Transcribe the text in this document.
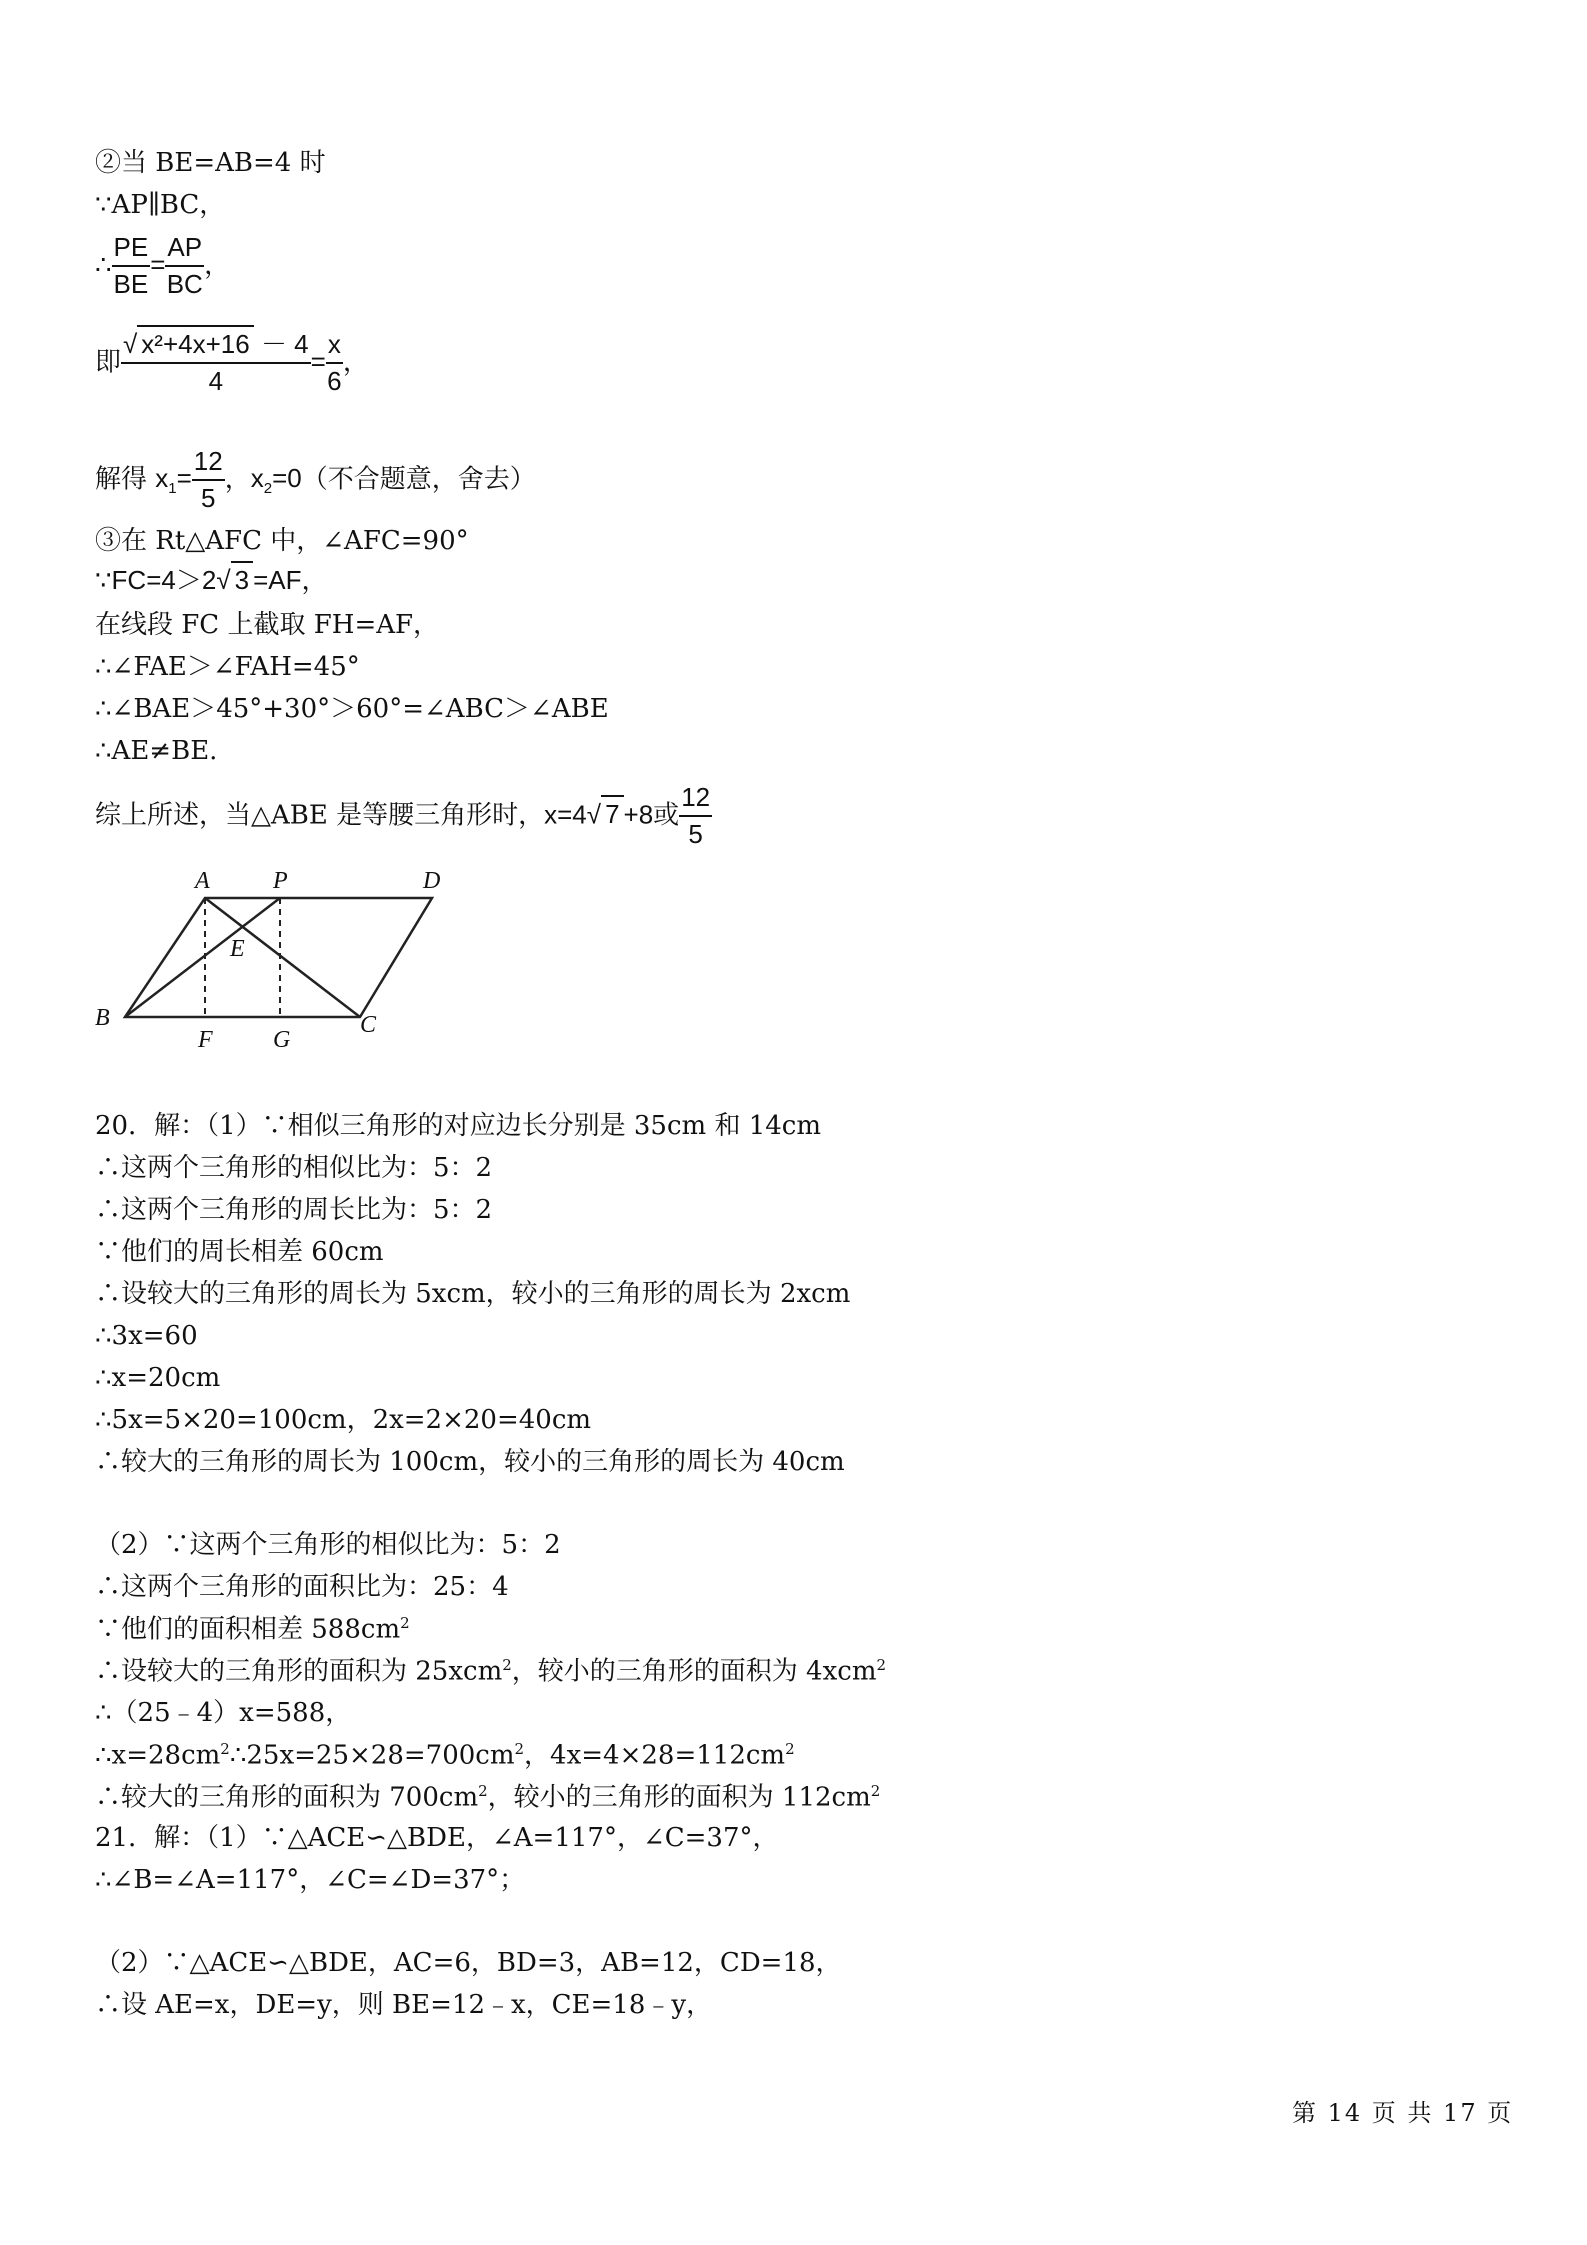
②当 BE=AB=4 时
∵AP∥BC，
∴ $\frac{PE}{BE} = \frac{AP}{BC}$ ，
即 $\frac{\text{√ x²+4x+16 － 4}}{4} = \frac{x}{6}$ ，
解得 $x_1= \frac{12}{5}$ ，$x_2=0$（不合题意，舍去）
③在 Rt△AFC 中，∠AFC=90°
∵FC=4＞2√ 3 =AF，
在线段 FC 上截取 FH=AF，
∴∠FAE＞∠FAH=45°
∴∠BAE＞45°+30°＞60°=∠ABC＞∠ABE
∴AE≠BE.
综上所述，当△ABE 是等腰三角形时，x=4√ 7 +8或 $\frac{12}{5}$
A	P	D
E
B
F	G
C
20．解：（1）∵相似三角形的对应边长分别是 35cm 和 14cm
∴这两个三角形的相似比为：5：2
∴这两个三角形的周长比为：5：2
∵他们的周长相差 60cm
∴设较大的三角形的周长为 5xcm，较小的三角形的周长为 2xcm
∴3x=60
∴x=20cm
∴5x=5×20=100cm，2x=2×20=40cm
∴较大的三角形的周长为 100cm，较小的三角形的周长为 40cm
（2）∵这两个三角形的相似比为：5：2
∴这两个三角形的面积比为：25：4
∵他们的面积相差 $588cm^2$
∴设较大的三角形的面积为 25xcm$^2$，较小的三角形的面积为 4xcm$^2$
∴（25﹣4）x=588，
$\therefore x=28cm^2\therefore 25x=25\times 28=700cm^2$，$4x=4\times 28=112cm^2$
∴较大的三角形的面积为 $700cm^2$，较小的三角形的面积为 $112cm^2$
21．解：（1）∵△ACE∽△BDE，∠A=117°，∠C=37°，
∴∠B=∠A=117°，∠C=∠D=37°；
（2）∵△ACE∽△BDE，AC=6，BD=3，AB=12，CD=18，
∴设 AE=x，DE=y，则 BE=12﹣x，CE=18﹣y，
第 14 页 共 17 页
